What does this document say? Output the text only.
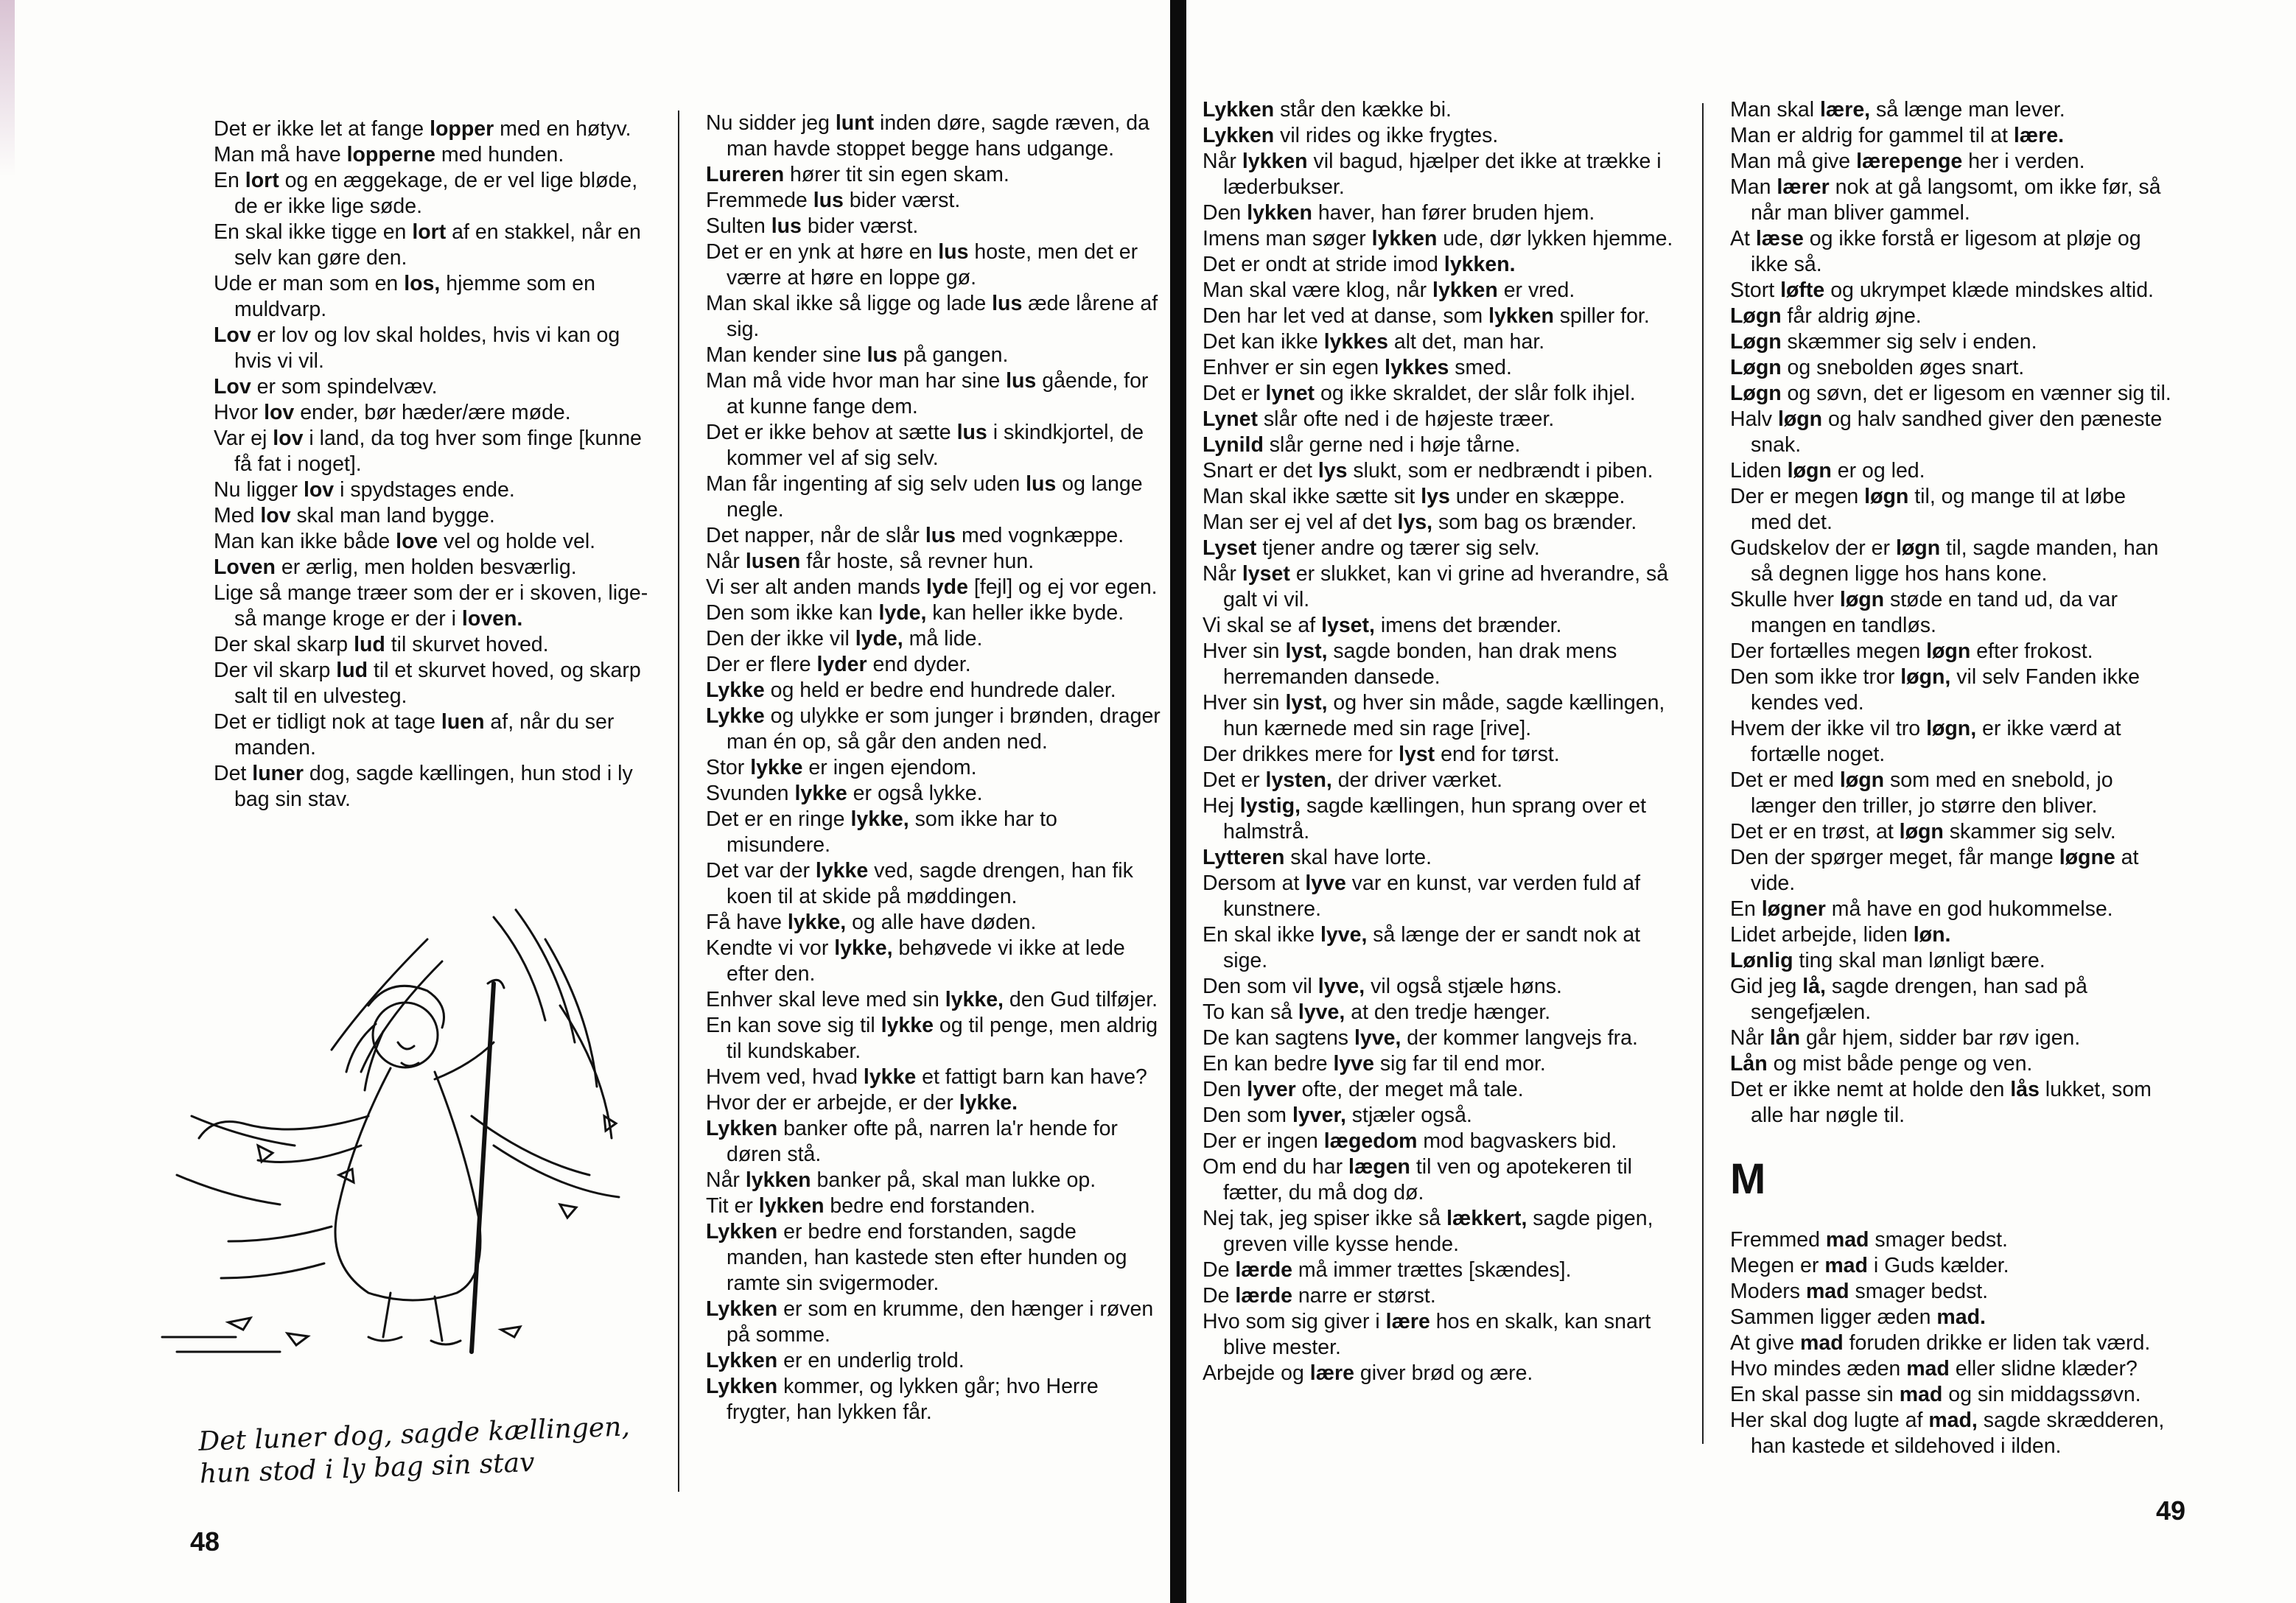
Det er ikke let at fange lopper med en høtyv.
Man må have lopperne med hunden.
En lort og en æggekage, de er vel lige bløde, de er ikke lige søde.
En skal ikke tigge en lort af en stakkel, når en selv kan gøre den.
Ude er man som en los, hjemme som en muldvarp.
Lov er lov og lov skal holdes, hvis vi kan og hvis vi vil.
Lov er som spindelvæv.
Hvor lov ender, bør hæder/ære møde.
Var ej lov i land, da tog hver som finge [kunne få fat i noget].
Nu ligger lov i spydstages ende.
Med lov skal man land bygge.
Man kan ikke både love vel og holde vel.
Loven er ærlig, men holden besværlig.
Lige så mange træer som der er i skoven, ligeså mange kroge er der i loven.
Der skal skarp lud til skurvet hoved.
Der vil skarp lud til et skurvet hoved, og skarp salt til en ulvesteg.
Det er tidligt nok at tage luen af, når du ser manden.
Det luner dog, sagde kællingen, hun stod i ly bag sin stav.
Nu sidder jeg lunt inden døre, sagde ræven, da man havde stoppet begge hans udgange.
Lureren hører tit sin egen skam.
Fremmede lus bider værst.
Sulten lus bider værst.
Det er en ynk at høre en lus hoste, men det er værre at høre en loppe gø.
Man skal ikke så ligge og lade lus æde lårene af sig.
Man kender sine lus på gangen.
Man må vide hvor man har sine lus gående, for at kunne fange dem.
Det er ikke behov at sætte lus i skindkjortel, de kommer vel af sig selv.
Man får ingenting af sig selv uden lus og lange negle.
Det napper, når de slår lus med vognkæppe.
Når lusen får hoste, så revner hun.
Vi ser alt anden mands lyde [fejl] og ej vor egen.
Den som ikke kan lyde, kan heller ikke byde.
Den der ikke vil lyde, må lide.
Der er flere lyder end dyder.
Lykke og held er bedre end hundrede daler.
Lykke og ulykke er som junger i brønden, drager man én op, så går den anden ned.
Stor lykke er ingen ejendom.
Svunden lykke er også lykke.
Det er en ringe lykke, som ikke har to misundere.
Det var der lykke ved, sagde drengen, han fik koen til at skide på møddingen.
Få have lykke, og alle have døden.
Kendte vi vor lykke, behøvede vi ikke at lede efter den.
Enhver skal leve med sin lykke, den Gud tilføjer.
En kan sove sig til lykke og til penge, men aldrig til kundskaber.
Hvem ved, hvad lykke et fattigt barn kan have?
Hvor der er arbejde, er der lykke.
Lykken banker ofte på, narren la'r hende for døren stå.
Når lykken banker på, skal man lukke op.
Tit er lykken bedre end forstanden.
Lykken er bedre end forstanden, sagde manden, han kastede sten efter hunden og ramte sin svigermoder.
Lykken er som en krumme, den hænger i røven på somme.
Lykken er en underlig trold.
Lykken kommer, og lykken går; hvo Herre frygter, han lykken får.
Det luner dog, sagde kællingen, hun stod i ly bag sin stav
48
Lykken står den kække bi.
Lykken vil rides og ikke frygtes.
Når lykken vil bagud, hjælper det ikke at trække i læderbukser.
Den lykken haver, han fører bruden hjem.
Imens man søger lykken ude, dør lykken hjemme.
Det er ondt at stride imod lykken.
Man skal være klog, når lykken er vred.
Den har let ved at danse, som lykken spiller for.
Det kan ikke lykkes alt det, man har.
Enhver er sin egen lykkes smed.
Det er lynet og ikke skraldet, der slår folk ihjel.
Lynet slår ofte ned i de højeste træer.
Lynild slår gerne ned i høje tårne.
Snart er det lys slukt, som er nedbrændt i piben.
Man skal ikke sætte sit lys under en skæppe.
Man ser ej vel af det lys, som bag os brænder.
Lyset tjener andre og tærer sig selv.
Når lyset er slukket, kan vi grine ad hverandre, så galt vi vil.
Vi skal se af lyset, imens det brænder.
Hver sin lyst, sagde bonden, han drak mens herremanden dansede.
Hver sin lyst, og hver sin måde, sagde kællingen, hun kærnede med sin rage [rive].
Der drikkes mere for lyst end for tørst.
Det er lysten, der driver værket.
Hej lystig, sagde kællingen, hun sprang over et halmstrå.
Lytteren skal have lorte.
Dersom at lyve var en kunst, var verden fuld af kunstnere.
En skal ikke lyve, så længe der er sandt nok at sige.
Den som vil lyve, vil også stjæle høns.
To kan så lyve, at den tredje hænger.
De kan sagtens lyve, der kommer langvejs fra.
En kan bedre lyve sig far til end mor.
Den lyver ofte, der meget må tale.
Den som lyver, stjæler også.
Der er ingen lægedom mod bagvaskers bid.
Om end du har lægen til ven og apotekeren til fætter, du må dog dø.
Nej tak, jeg spiser ikke så lækkert, sagde pigen, greven ville kysse hende.
De lærde må immer trættes [skændes].
De lærde narre er størst.
Hvo som sig giver i lære hos en skalk, kan snart blive mester.
Arbejde og lære giver brød og ære.
Man skal lære, så længe man lever.
Man er aldrig for gammel til at lære.
Man må give lærepenge her i verden.
Man lærer nok at gå langsomt, om ikke før, så når man bliver gammel.
At læse og ikke forstå er ligesom at pløje og ikke så.
Stort løfte og ukrympet klæde mindskes altid.
Løgn får aldrig øjne.
Løgn skæmmer sig selv i enden.
Løgn og snebolden øges snart.
Løgn og søvn, det er ligesom en vænner sig til.
Halv løgn og halv sandhed giver den pæneste snak.
Liden løgn er og led.
Der er megen løgn til, og mange til at løbe med det.
Gudskelov der er løgn til, sagde manden, han så degnen ligge hos hans kone.
Skulle hver løgn støde en tand ud, da var mangen en tandløs.
Der fortælles megen løgn efter frokost.
Den som ikke tror løgn, vil selv Fanden ikke kendes ved.
Hvem der ikke vil tro løgn, er ikke værd at fortælle noget.
Det er med løgn som med en snebold, jo længer den triller, jo større den bliver.
Det er en trøst, at løgn skammer sig selv.
Den der spørger meget, får mange løgne at vide.
En løgner må have en god hukommelse.
Lidet arbejde, liden løn.
Lønlig ting skal man lønligt bære.
Gid jeg lå, sagde drengen, han sad på sengefjælen.
Når lån går hjem, sidder bar røv igen.
Lån og mist både penge og ven.
Det er ikke nemt at holde den lås lukket, som alle har nøgle til.
M
Fremmed mad smager bedst.
Megen er mad i Guds kælder.
Moders mad smager bedst.
Sammen ligger æden mad.
At give mad foruden drikke er liden tak værd.
Hvo mindes æden mad eller slidne klæder?
En skal passe sin mad og sin middagssøvn.
Her skal dog lugte af mad, sagde skrædderen, han kastede et sildehoved i ilden.
49
